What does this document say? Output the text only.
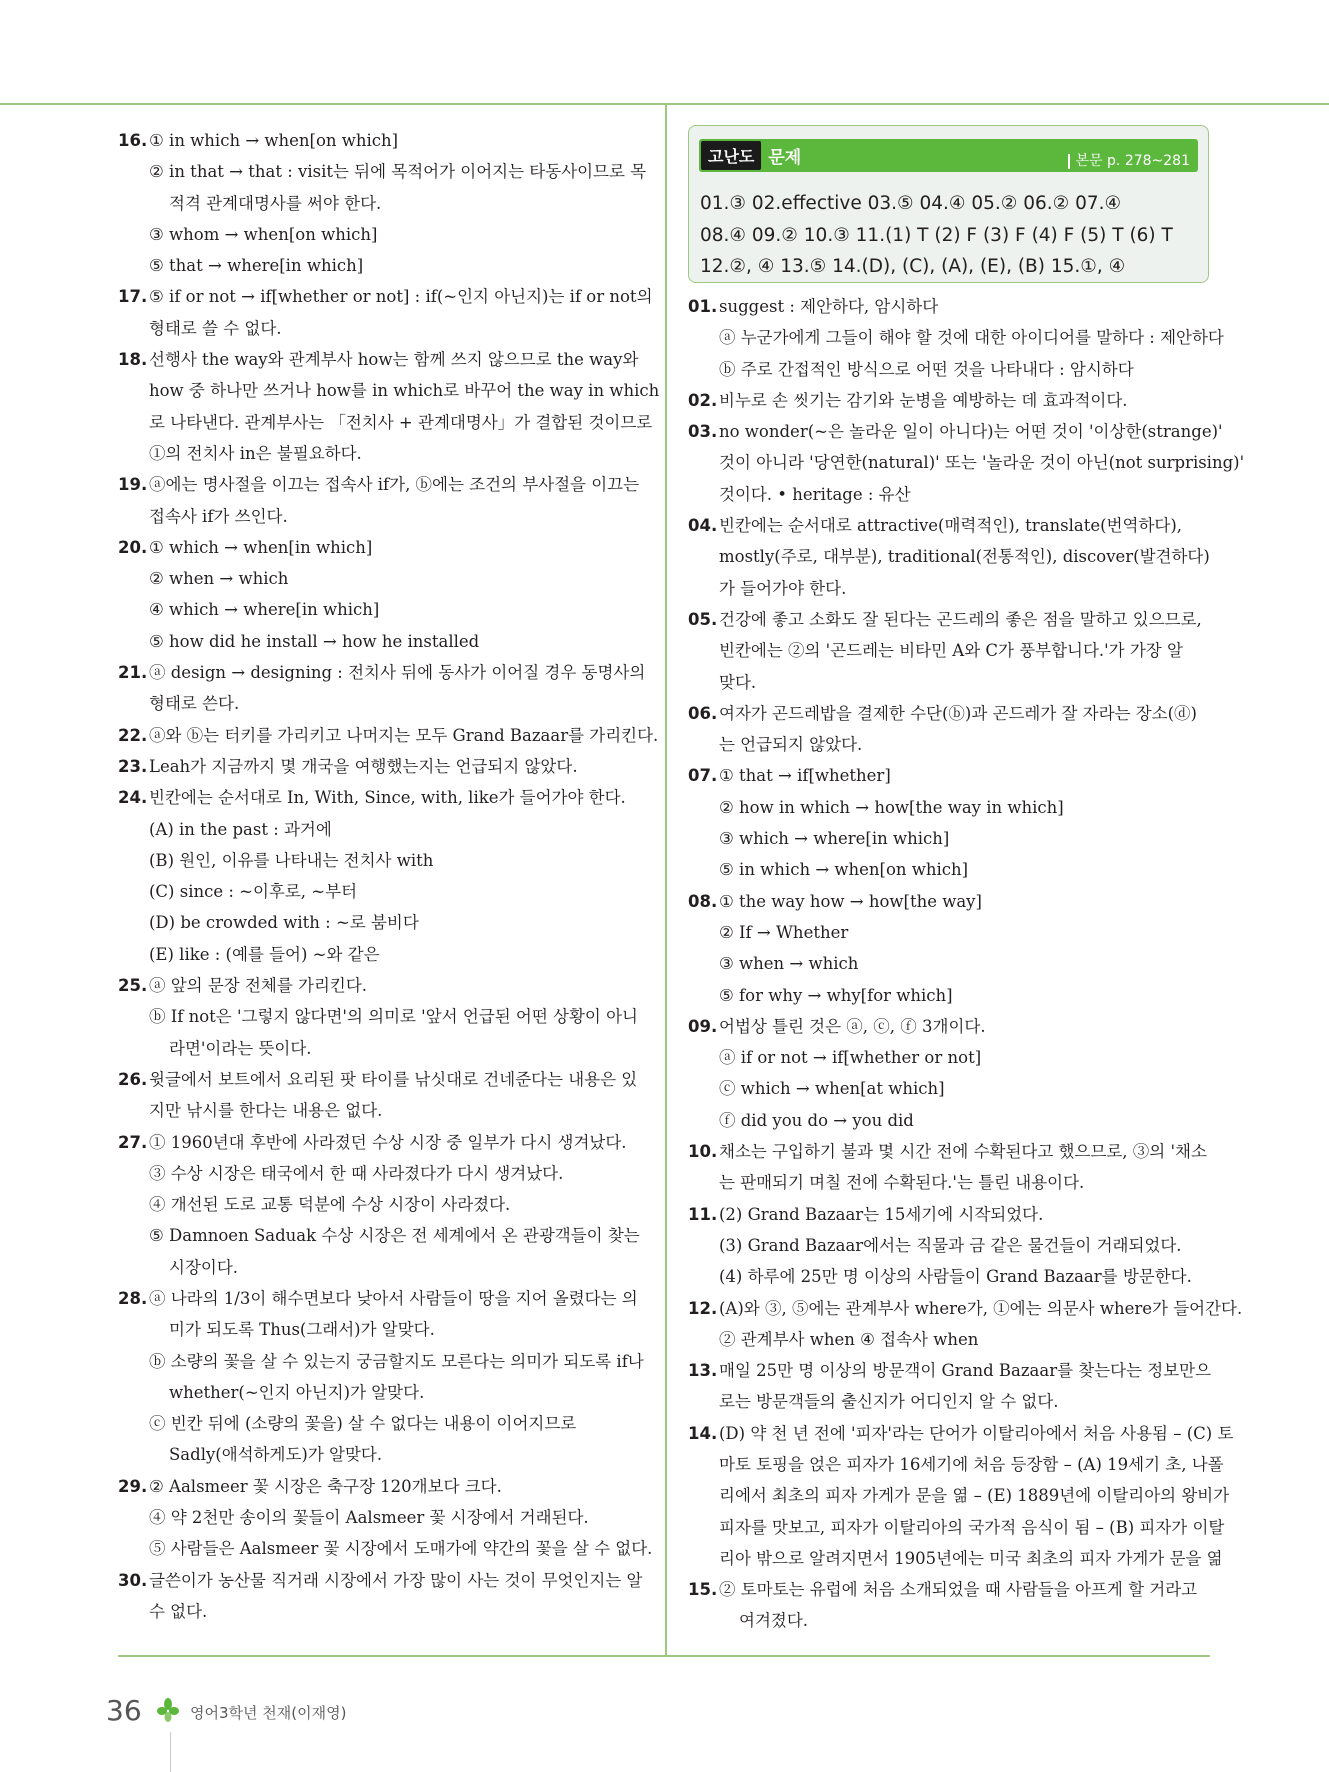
16. ① in which → when[on which]
② in that → that : visit는 뒤에 목적어가 이어지는 타동사이므로 목
적격 관계대명사를 써야 한다.
③ whom → when[on which]
⑤ that → where[in which]
17. ⑤ if or not → if[whether or not] : if(~인지 아닌지)는 if or not의
형태로 쓸 수 없다.
18. 선행사 the way와 관계부사 how는 함께 쓰지 않으므로 the way와
how 중 하나만 쓰거나 how를 in which로 바꾸어 the way in which
로 나타낸다. 관계부사는 「전치사 + 관계대명사」가 결합된 것이므로
①의 전치사 in은 불필요하다.
19. ⓐ에는 명사절을 이끄는 접속사 if가, ⓑ에는 조건의 부사절을 이끄는
접속사 if가 쓰인다.
20. ① which → when[in which]
② when → which
④ which → where[in which]
⑤ how did he install → how he installed
21. ⓐ design → designing : 전치사 뒤에 동사가 이어질 경우 동명사의
형태로 쓴다.
22. ⓐ와 ⓑ는 터키를 가리키고 나머지는 모두 Grand Bazaar를 가리킨다.
23. Leah가 지금까지 몇 개국을 여행했는지는 언급되지 않았다.
24. 빈칸에는 순서대로 In, With, Since, with, like가 들어가야 한다.
(A) in the past : 과거에
(B) 원인, 이유를 나타내는 전치사 with
(C) since : ~이후로, ~부터
(D) be crowded with : ~로 붐비다
(E) like : (예를 들어) ~와 같은
25. ⓐ 앞의 문장 전체를 가리킨다.
ⓑ If not은 '그렇지 않다면'의 의미로 '앞서 언급된 어떤 상황이 아니
라면'이라는 뜻이다.
26. 윗글에서 보트에서 요리된 팟 타이를 낚싯대로 건네준다는 내용은 있
지만 낚시를 한다는 내용은 없다.
27. ① 1960년대 후반에 사라졌던 수상 시장 중 일부가 다시 생겨났다.
③ 수상 시장은 태국에서 한 때 사라졌다가 다시 생겨났다.
④ 개선된 도로 교통 덕분에 수상 시장이 사라졌다.
⑤ Damnoen Saduak 수상 시장은 전 세계에서 온 관광객들이 찾는
시장이다.
28. ⓐ 나라의 1/3이 해수면보다 낮아서 사람들이 땅을 지어 올렸다는 의
미가 되도록 Thus(그래서)가 알맞다.
ⓑ 소량의 꽃을 살 수 있는지 궁금할지도 모른다는 의미가 되도록 if나
whether(~인지 아닌지)가 알맞다.
ⓒ 빈칸 뒤에 (소량의 꽃을) 살 수 없다는 내용이 이어지므로
Sadly(애석하게도)가 알맞다.
29. ② Aalsmeer 꽃 시장은 축구장 120개보다 크다.
④ 약 2천만 송이의 꽃들이 Aalsmeer 꽃 시장에서 거래된다.
⑤ 사람들은 Aalsmeer 꽃 시장에서 도매가에 약간의 꽃을 살 수 없다.
30. 글쓴이가 농산물 직거래 시장에서 가장 많이 사는 것이 무엇인지는 알
수 없다.
고난도 문제	본문 p. 278~281
01.③ 02.effective 03.⑤ 04.④ 05.② 06.② 07.④
08.④ 09.② 10.③ 11.(1) T (2) F (3) F (4) F (5) T (6) T
12.②, ④ 13.⑤ 14.(D), (C), (A), (E), (B) 15.①, ④
01. suggest : 제안하다, 암시하다
ⓐ 누군가에게 그들이 해야 할 것에 대한 아이디어를 말하다 : 제안하다
ⓑ 주로 간접적인 방식으로 어떤 것을 나타내다 : 암시하다
02. 비누로 손 씻기는 감기와 눈병을 예방하는 데 효과적이다.
03. no wonder(~은 놀라운 일이 아니다)는 어떤 것이 '이상한(strange)'
것이 아니라 '당연한(natural)' 또는 '놀라운 것이 아닌(not surprising)'
것이다. • heritage : 유산
04. 빈칸에는 순서대로 attractive(매력적인), translate(번역하다),
mostly(주로, 대부분), traditional(전통적인), discover(발견하다)
가 들어가야 한다.
05. 건강에 좋고 소화도 잘 된다는 곤드레의 좋은 점을 말하고 있으므로,
빈칸에는 ②의 '곤드레는 비타민 A와 C가 풍부합니다.'가 가장 알
맞다.
06. 여자가 곤드레밥을 결제한 수단(ⓑ)과 곤드레가 잘 자라는 장소(ⓓ)
는 언급되지 않았다.
07. ① that → if[whether]
② how in which → how[the way in which]
③ which → where[in which]
⑤ in which → when[on which]
08. ① the way how → how[the way]
② If → Whether
③ when → which
⑤ for why → why[for which]
09. 어법상 틀린 것은 ⓐ, ⓒ, ⓕ 3개이다.
ⓐ if or not → if[whether or not]
ⓒ which → when[at which]
ⓕ did you do → you did
10. 채소는 구입하기 불과 몇 시간 전에 수확된다고 했으므로, ③의 '채소
는 판매되기 며칠 전에 수확된다.'는 틀린 내용이다.
11. (2) Grand Bazaar는 15세기에 시작되었다.
(3) Grand Bazaar에서는 직물과 금 같은 물건들이 거래되었다.
(4) 하루에 25만 명 이상의 사람들이 Grand Bazaar를 방문한다.
12. (A)와 ③, ⑤에는 관계부사 where가, ①에는 의문사 where가 들어간다.
② 관계부사 when ④ 접속사 when
13. 매일 25만 명 이상의 방문객이 Grand Bazaar를 찾는다는 정보만으
로는 방문객들의 출신지가 어디인지 알 수 없다.
14. (D) 약 천 년 전에 '피자'라는 단어가 이탈리아에서 처음 사용됨 – (C) 토
마토 토핑을 얹은 피자가 16세기에 처음 등장함 – (A) 19세기 초, 나폴
리에서 최초의 피자 가게가 문을 엶 – (E) 1889년에 이탈리아의 왕비가
피자를 맛보고, 피자가 이탈리아의 국가적 음식이 됨 – (B) 피자가 이탈
리아 밖으로 알려지면서 1905년에는 미국 최초의 피자 가게가 문을 엶
15. ② 토마토는 유럽에 처음 소개되었을 때 사람들을 아프게 할 거라고
여겨졌다.
36	영어3학년 천재(이재영)
